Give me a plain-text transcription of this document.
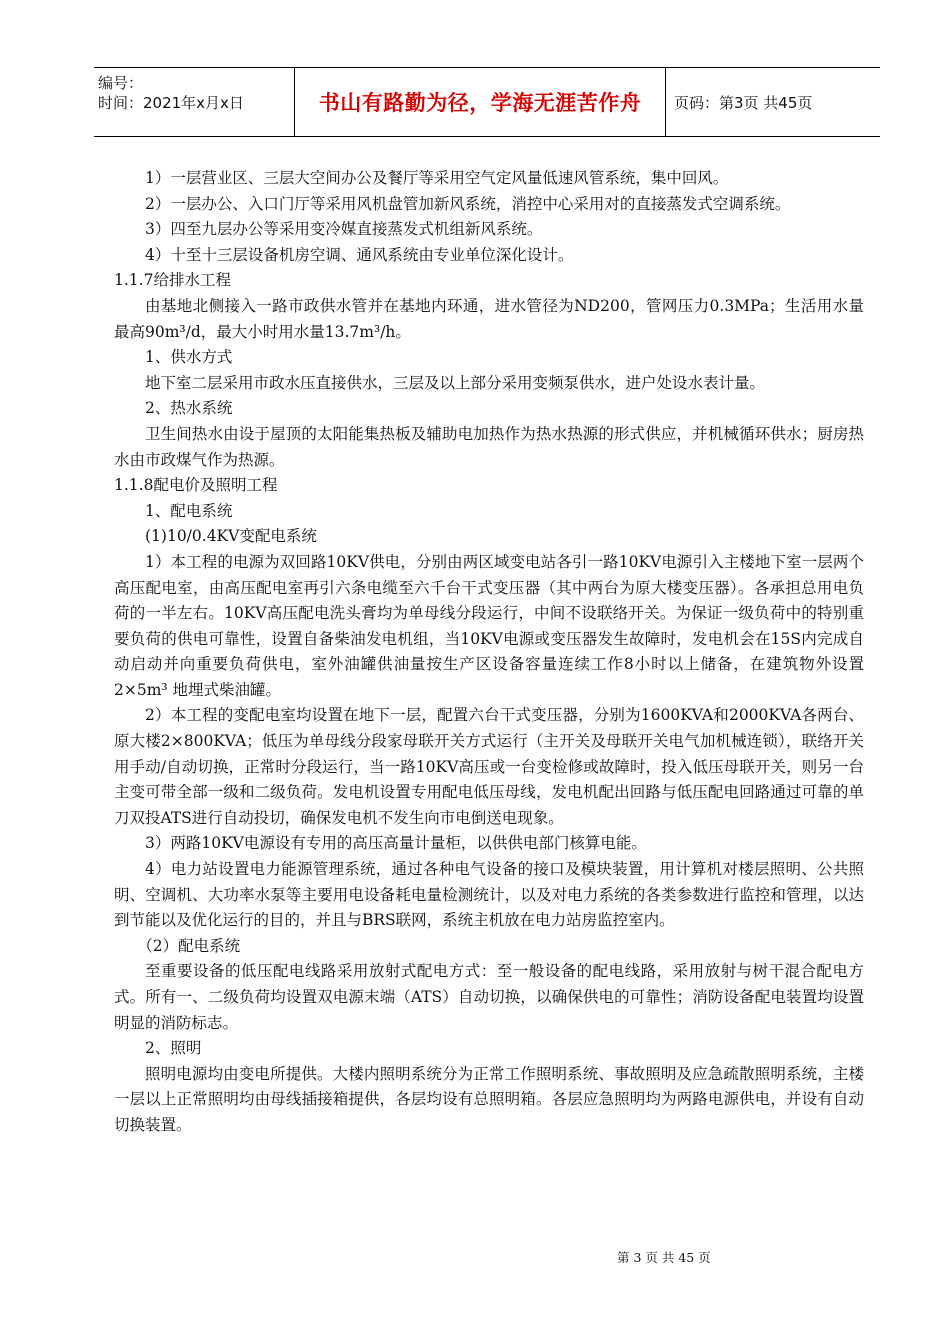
编号：
时间：2021年x月x日	书山有路勤为径，学海无涯苦作舟	页码：第3页 共45页

1）一层营业区、三层大空间办公及餐厅等采用空气定风量低速风管系统，集中回风。

2）一层办公、入口门厅等采用风机盘管加新风系统，消控中心采用对的直接蒸发式空调系统。

3）四至九层办公等采用变冷媒直接蒸发式机组新风系统。

4）十至十三层设备机房空调、通风系统由专业单位深化设计。

1.1.7给排水工程

由基地北侧接入一路市政供水管并在基地内环通，进水管径为ND200，管网压力0.3MPa；生活用水量最高90m³/d，最大小时用水量13.7m³/h。

1、供水方式

地下室二层采用市政水压直接供水，三层及以上部分采用变频泵供水，进户处设水表计量。

2、热水系统

卫生间热水由设于屋顶的太阳能集热板及辅助电加热作为热水热源的形式供应，并机械循环供水；厨房热水由市政煤气作为热源。

1.1.8配电价及照明工程

1、配电系统

(1)10/0.4KV变配电系统

1）本工程的电源为双回路10KV供电，分别由两区域变电站各引一路10KV电源引入主楼地下室一层两个高压配电室，由高压配电室再引六条电缆至六千台干式变压器（其中两台为原大楼变压器）。各承担总用电负荷的一半左右。10KV高压配电洗头膏均为单母线分段运行，中间不设联络开关。为保证一级负荷中的特别重要负荷的供电可靠性，设置自备柴油发电机组，当10KV电源或变压器发生故障时，发电机会在15S内完成自动启动并向重要负荷供电，室外油罐供油量按生产区设备容量连续工作8小时以上储备，在建筑物外设置2×5m³ 地埋式柴油罐。

2）本工程的变配电室均设置在地下一层，配置六台干式变压器，分别为1600KVA和2000KVA各两台、原大楼2×800KVA；低压为单母线分段家母联开关方式运行（主开关及母联开关电气加机械连锁），联络开关用手动/自动切换，正常时分段运行，当一路10KV高压或一台变检修或故障时，投入低压母联开关，则另一台主变可带全部一级和二级负荷。发电机设置专用配电低压母线，发电机配出回路与低压配电回路通过可靠的单刀双投ATS进行自动投切，确保发电机不发生向市电倒送电现象。

3）两路10KV电源设有专用的高压高量计量柜，以供供电部门核算电能。

4）电力站设置电力能源管理系统，通过各种电气设备的接口及模块装置，用计算机对楼层照明、公共照明、空调机、大功率水泵等主要用电设备耗电量检测统计，以及对电力系统的各类参数进行监控和管理，以达到节能以及优化运行的目的，并且与BRS联网，系统主机放在电力站房监控室内。

（2）配电系统

至重要设备的低压配电线路采用放射式配电方式：至一般设备的配电线路，采用放射与树干混合配电方式。所有一、二级负荷均设置双电源末端（ATS）自动切换，以确保供电的可靠性；消防设备配电装置均设置明显的消防标志。

2、照明

照明电源均由变电所提供。大楼内照明系统分为正常工作照明系统、事故照明及应急疏散照明系统，主楼一层以上正常照明均由母线插接箱提供，各层均设有总照明箱。各层应急照明均为两路电源供电，并设有自动切换装置。

第 3 页 共 45 页
